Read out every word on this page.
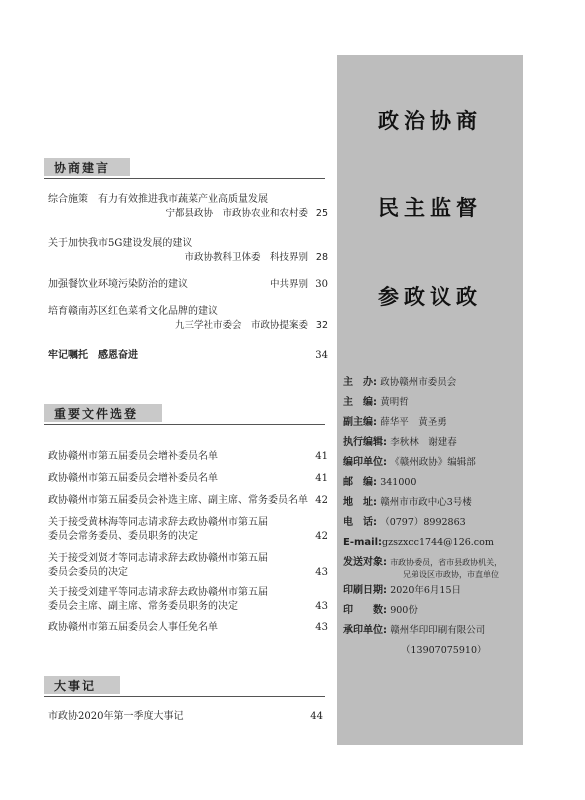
协商建言
重要文件选登
大事记
综合施策　有力有效推进我市蔬菜产业高质量发展
宁都县政协　市政协农业和农村委 25
关于加快我市5G建设发展的建议
市政协教科卫体委　科技界别 28
加强餐饮业环境污染防治的建议	中共界别 30
培育赣南苏区红色菜肴文化品牌的建议
九三学社市委会　市政协提案委 32
牢记嘱托　感恩奋进	34
政协赣州市第五届委员会增补委员名单	41
政协赣州市第五届委员会增补委员名单	41
政协赣州市第五届委员会补选主席、副主席、常务委员名单 42
关于接受黄林海等同志请求辞去政协赣州市第五届
委员会常务委员、委员职务的决定	42
关于接受刘贤才等同志请求辞去政协赣州市第五届
委员会委员的决定	43
关于接受刘建平等同志请求辞去政协赣州市第五届
委员会主席、副主席、常务委员职务的决定	43
政协赣州市第五届委员会人事任免名单	43
市政协2020年第一季度大事记	44
政治协商
民主监督
参政议政
主　办:
政协赣州市委员会
主　编:
黄明哲
副主编:
薛华平　黄圣勇
执行编辑:
李秋林　谢建春
编印单位:
《赣州政协》编辑部
邮　编:
341000
地　址:
赣州市市政中心3号楼
电　话:
（0797）8992863
E-mail: gzszxcc1744@126.com
发送对象:
市政协委员，省市县政协机关，
兄弟设区市政协，市直单位
印刷日期:
2020年6月15日
印　　数:
900份
承印单位:
赣州华印印刷有限公司
（13907075910）
